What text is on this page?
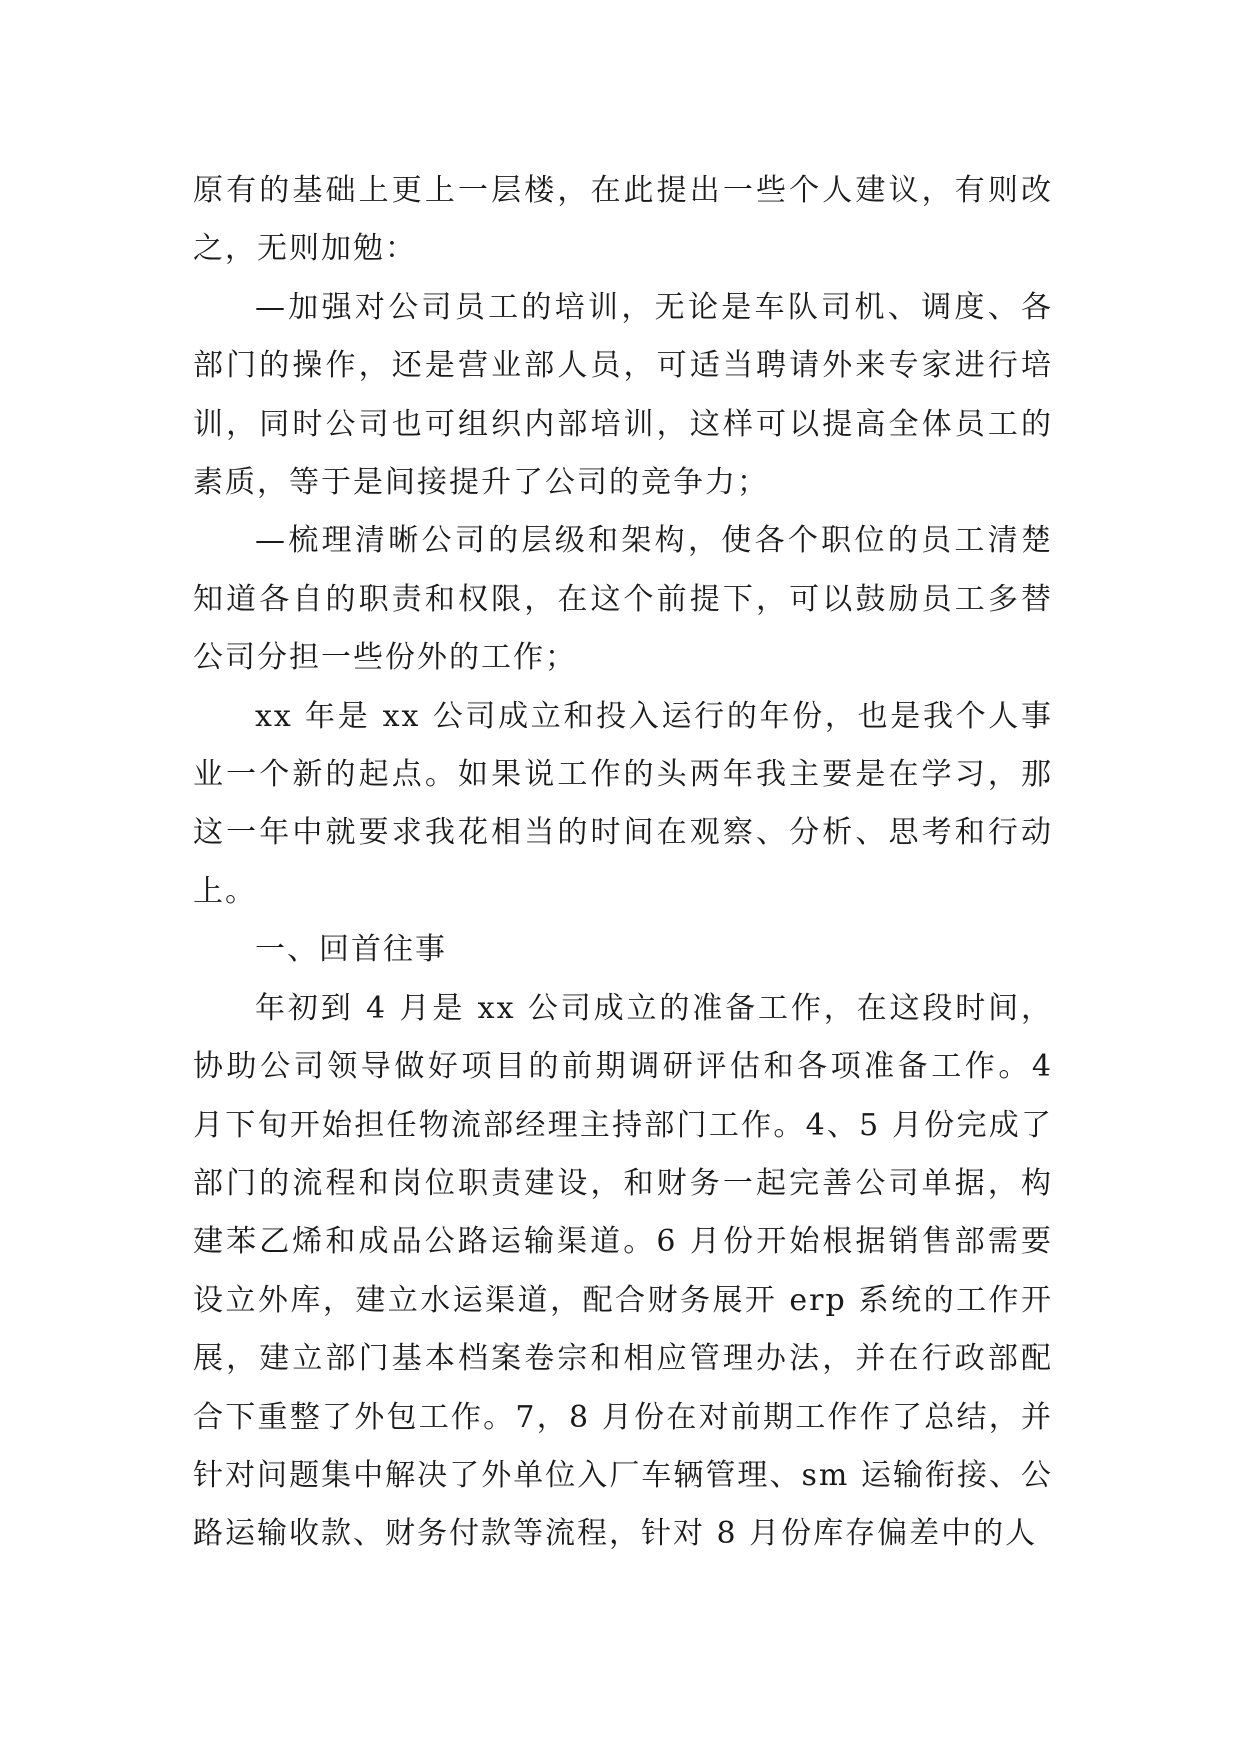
原有的基础上更上一层楼，在此提出一些个人建议，有则改之，无则加勉：

—加强对公司员工的培训，无论是车队司机、调度、各部门的操作，还是营业部人员，可适当聘请外来专家进行培训，同时公司也可组织内部培训，这样可以提高全体员工的素质，等于是间接提升了公司的竞争力；

—梳理清晰公司的层级和架构，使各个职位的员工清楚知道各自的职责和权限，在这个前提下，可以鼓励员工多替公司分担一些份外的工作；

xx 年是 xx 公司成立和投入运行的年份，也是我个人事业一个新的起点。如果说工作的头两年我主要是在学习，那这一年中就要求我花相当的时间在观察、分析、思考和行动上。

一、回首往事

年初到 4 月是 xx 公司成立的准备工作，在这段时间，协助公司领导做好项目的前期调研评估和各项准备工作。4 月下旬开始担任物流部经理主持部门工作。4、5 月份完成了部门的流程和岗位职责建设，和财务一起完善公司单据，构建苯乙烯和成品公路运输渠道。6 月份开始根据销售部需要设立外库，建立水运渠道，配合财务展开 erp 系统的工作开展，建立部门基本档案卷宗和相应管理办法，并在行政部配合下重整了外包工作。7，8 月份在对前期工作作了总结，并针对问题集中解决了外单位入厂车辆管理、sm 运输衔接、公路运输收款、财务付款等流程，针对 8 月份库存偏差中的人
